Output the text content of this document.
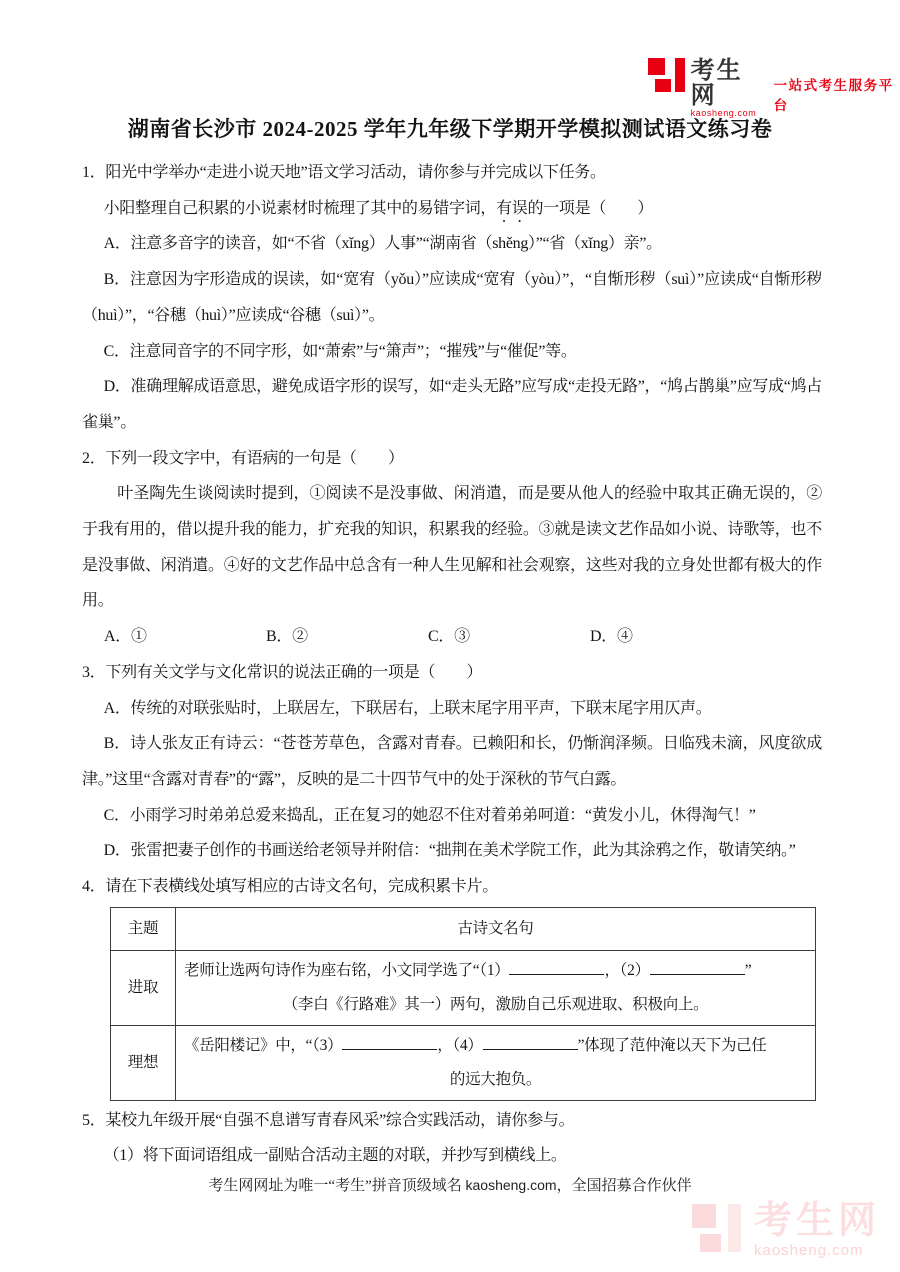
考生网
kaosheng.com
一站式考生服务平台
湖南省长沙市 2024-2025 学年九年级下学期开学模拟测试语文练习卷

1．阳光中学举办“走进小说天地”语文学习活动，请你参与并完成以下任务。

小阳整理自己积累的小说素材时梳理了其中的易错字词，有误的一项是（　　）

A．注意多音字的读音，如“不省（xǐng）人事”“湖南省（shěng）”“省（xǐng）亲”。

B．注意因为字形造成的误读，如“宽宥（yǒu）”应读成“宽宥（yòu）”，“自惭形秽（suì）”应读成“自惭形秽（huì）”，“谷穗（huì）”应读成“谷穗（suì）”。

C．注意同音字的不同字形，如“萧索”与“箫声”；“摧残”与“催促”等。

D．准确理解成语意思，避免成语字形的误写，如“走头无路”应写成“走投无路”，“鸠占鹊巢”应写成“鸠占雀巢”。

2．下列一段文字中，有语病的一句是（　　）

叶圣陶先生谈阅读时提到，①阅读不是没事做、闲消遣，而是要从他人的经验中取其正确无误的，②于我有用的，借以提升我的能力，扩充我的知识，积累我的经验。③就是读文艺作品如小说、诗歌等，也不是没事做、闲消遣。④好的文艺作品中总含有一种人生见解和社会观察，这些对我的立身处世都有极大的作用。

A．①	B．②	C．③	D．④

3．下列有关文学与文化常识的说法正确的一项是（　　）

A．传统的对联张贴时，上联居左，下联居右，上联末尾字用平声，下联末尾字用仄声。

B．诗人张友正有诗云：“苍苍芳草色，含露对青春。已赖阳和长，仍惭润泽频。日临残未滴，风度欲成津。”这里“含露对青春”的“露”，反映的是二十四节气中的处于深秋的节气白露。

C．小雨学习时弟弟总爱来捣乱，正在复习的她忍不住对着弟弟呵道：“黄发小儿，休得淘气！”

D．张雷把妻子创作的书画送给老领导并附信：“拙荆在美术学院工作，此为其涂鸦之作，敬请笑纳。”

4．请在下表横线处填写相应的古诗文名句，完成积累卡片。

主题	古诗文名句
进取	老师让选两句诗作为座右铭，小文同学选了“（1） ，（2） ”
（李白《行路难》其一）两句，激励自己乐观进取、积极向上。

理想	《岳阳楼记》中，“（3） ，（4） ”体现了范仲淹以天下为己任
的远大抱负。

5．某校九年级开展“自强不息谱写青春风采”综合实践活动，请你参与。

（1）将下面词语组成一副贴合活动主题的对联，并抄写到横线上。

考生网网址为唯一“考生”拼音顶级域名 kaosheng.com，全国招募合作伙伴
考生网
kaosheng.com
